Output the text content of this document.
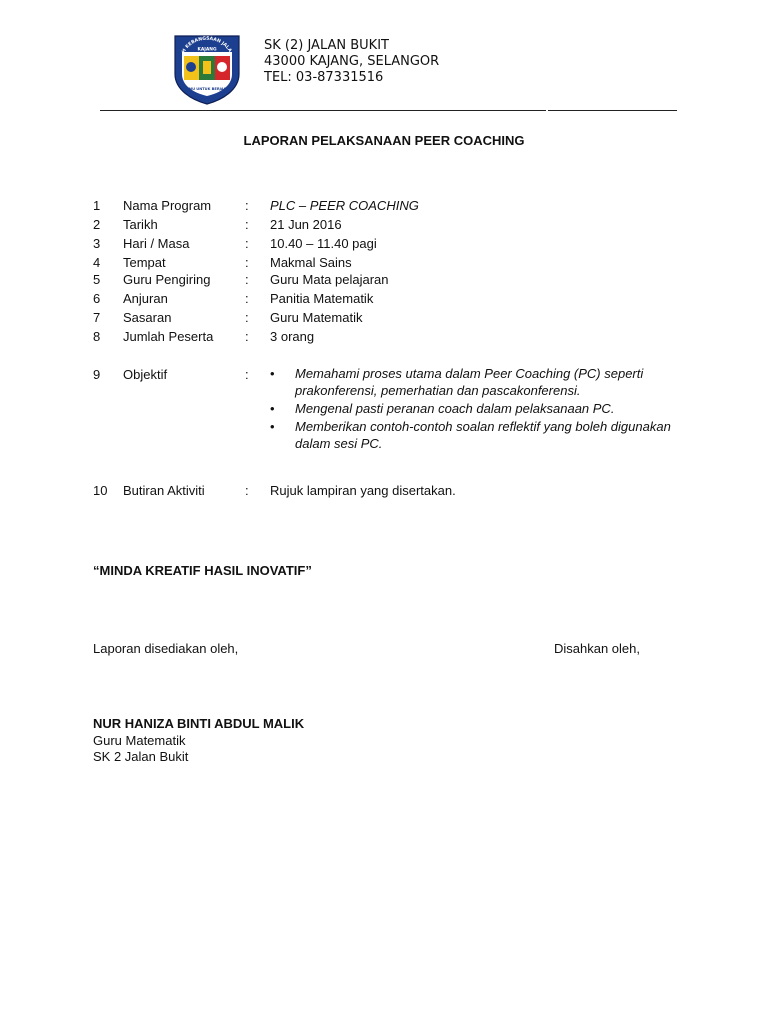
H KEBANGSAAN JALA
KAJANG
ILMU UNTUK BERJASA
SK (2) JALAN BUKIT
43000 KAJANG, SELANGOR
TEL: 03-87331516
LAPORAN PELAKSANAAN PEER COACHING
1 Nama Program	: PLC – PEER COACHING
2 Tarikh	: 21 Jun 2016
3 Hari / Masa	: 10.40 – 11.40 pagi
4 Tempat	: Makmal Sains
5 Guru Pengiring	: Guru Mata pelajaran
6 Anjuran	: Panitia Matematik
7 Sasaran	: Guru Matematik
8 Jumlah Peserta : 3 orang
9 Objektif	: • Memahami proses utama dalam Peer Coaching (PC) seperti prakonferensi, pemerhatian dan pascakonferensi.
• Mengenal pasti peranan coach dalam pelaksanaan PC.
• Memberikan contoh-contoh soalan reflektif yang boleh digunakan dalam sesi PC.
10 Butiran Aktiviti	: Rujuk lampiran yang disertakan.
“MINDA KREATIF HASIL INOVATIF”
Laporan disediakan oleh,	Disahkan oleh,
NUR HANIZA BINTI ABDUL MALIK
Guru Matematik
SK 2 Jalan Bukit
